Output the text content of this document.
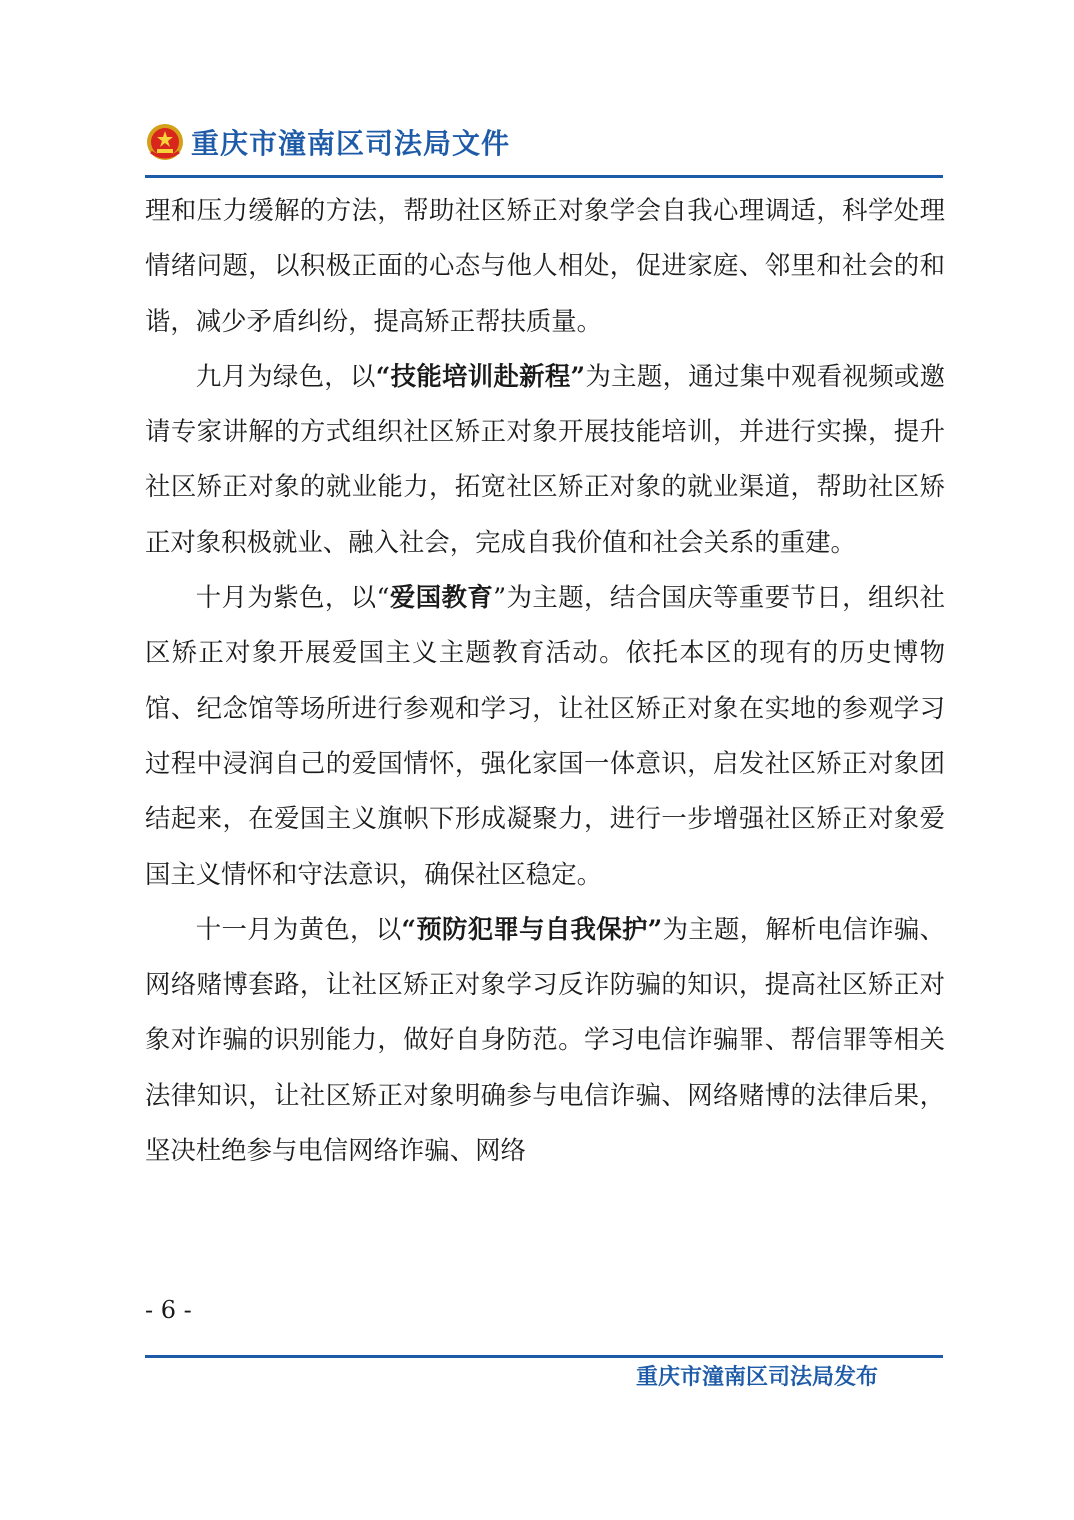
重庆市潼南区司法局文件

理和压力缓解的方法，帮助社区矫正对象学会自我心理调适，科学处理情绪问题，以积极正面的心态与他人相处，促进家庭、邻里和社会的和谐，减少矛盾纠纷，提高矫正帮扶质量。

九月为绿色，以“技能培训赴新程”为主题，通过集中观看视频或邀请专家讲解的方式组织社区矫正对象开展技能培训，并进行实操，提升社区矫正对象的就业能力，拓宽社区矫正对象的就业渠道，帮助社区矫正对象积极就业、融入社会，完成自我价值和社会关系的重建。

十月为紫色，以“爱国教育”为主题，结合国庆等重要节日，组织社区矫正对象开展爱国主义主题教育活动。依托本区的现有的历史博物馆、纪念馆等场所进行参观和学习，让社区矫正对象在实地的参观学习过程中浸润自己的爱国情怀，强化家国一体意识，启发社区矫正对象团结起来，在爱国主义旗帜下形成凝聚力，进行一步增强社区矫正对象爱国主义情怀和守法意识，确保社区稳定。

十一月为黄色，以“预防犯罪与自我保护”为主题，解析电信诈骗、网络赌博套路，让社区矫正对象学习反诈防骗的知识，提高社区矫正对象对诈骗的识别能力，做好自身防范。学习电信诈骗罪、帮信罪等相关法律知识，让社区矫正对象明确参与电信诈骗、网络赌博的法律后果，坚决杜绝参与电信网络诈骗、网络

- 6 -
重庆市潼南区司法局发布
